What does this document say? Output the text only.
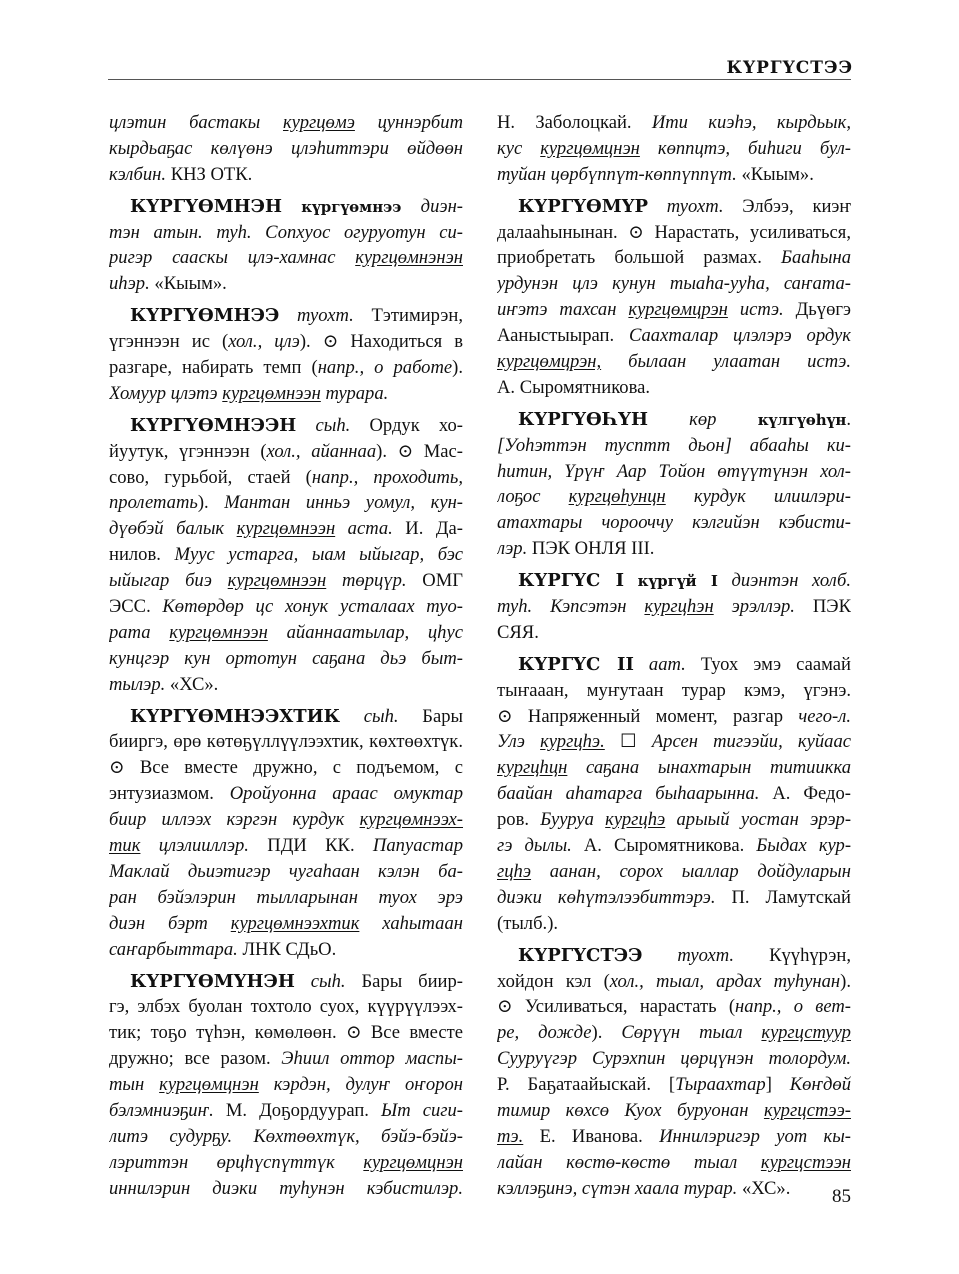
КҮРГҮСТЭЭ
цлэтин бастакы кургцөмэ цуннэрбит
кырдьаҕас көлүөнэ цлэһиттэри өйдөөн
кэлбин. КНЗ ОТК.
КҮРГҮӨМНЭН күргүөмнээ диэн-
тэн атын. туһ. Сопхуос огуруотун си-
ригэр сааскы цлэ-хамнас кургцөмнэнэн
иһэр. «Кыым».
КҮРГҮӨМНЭЭ туохт. Тэтимирэн,
үгэннээн ис (хол., цлэ). ⊙ Находиться в
разгаре, набирать темп (напр., о работе).
Хомуур цлэтэ кургцөмнээн турара.
КҮРГҮӨМНЭЭН сыһ. Ордук хо-
йуутук, үгэннээн (хол., айаннаа). ⊙ Мас-
сово, гурьбой, стаей (напр., проходить,
пролетать). Мантан инньэ уомул, кун-
дүөбэй балык кургцөмнээн аста. И. Да-
нилов. Муус устарга, ыам ыйыгар, бэс
ыйыгар биэ кургцөмнээн төрцүр. ОМГ
ЭСС. Көтөрдөр цс хонук усталаах туо-
рата кургцөмнээн айаннаатылар, цһус
кунцгэр кун ортотун саҕана дьэ быт-
тылэр. «ХС».
КҮРГҮӨМНЭЭХТИК сыһ. Бары
бииргэ, өрө көтөҕүллүүлээхтик, көхтөөхтүк.
⊙ Все вместе дружно, с подъемом, с
энтузиазмом. Оройуонна араас омуктар
биир иллээх кэргэн курдук кургцөмнээх-
тик цлэлииллэр. ПДИ КК. Папуастар
Маклай дьиэтигэр чугаһаан кэлэн ба-
ран бэйэлэрин тылларынан туох эрэ
диэн бэрт кургцөмнээхтик хаһытаан
саҥарбыттара. ЛНК СДьО.
КҮРГҮӨМҮНЭН сыһ. Бары биир-
гэ, элбэх буолан тохтоло суох, күүрүүлээх-
тик; тоҕо түһэн, көмөлөөн. ⊙ Все вместе
дружно; все разом. Эһиил оттор маспы-
тын кургцөмцнэн кэрдэн, дулуҥ оҥорон
бэлэмниэҕиҥ. М. Доҕордуурап. Ыт сиги-
литэ судурҕу. Көхтөөхтүк, бэйэ-бэйэ-
лэриттэн өрцһүспүттүк кургцөмцнэн
иннилэрин диэки туһунэн кэбистилэр.
Н. Заболоцкай. Ити киэһэ, кырдьык,
кус кургцөмцнэн көппцтэ, биһиги бул-
туйан цөрбүппүт-көппүппүт. «Кыым».
КҮРГҮӨМҮР туохт. Элбээ, киэҥ
далааһынынан. ⊙ Нарастать, усиливаться,
приобретать большой размах. Бааһына
урдунэн цлэ кунун тыаһа-ууһа, саҥата-
иҥэтэ тахсан кургцөмцрэн истэ. Дьүөгэ
Ааныстыырап. Саахталар цлэлэрэ ордук
кургцөмцрэн, былаан улаатан истэ.
А. Сыромятникова.
КҮРГҮӨҺҮН көр	күлгүөһүн.
[Уоһэттэн тусптт дьон] абааһы ки-
һитин, Үрүҥ Аар Тойон өтүүтүнэн хол-
лоҕос кургцөһунцн курдук илиилэри-
атахтары чорооччу кэлгийэн кэбисти-
лэр. ПЭК ОНЛЯ III.
КҮРГҮС I күргүй I диэнтэн холб.
туһ. Кэпсэтэн кургцһэн эрэллэр. ПЭК
СЯЯ.
КҮРГҮС II аат. Туох эмэ саамай
тыҥааан, муҥутаан турар кэмэ, үгэнэ.
⊙ Напряженный момент, разгар чего-л.
Улэ кургцһэ. ☐ Арсен тигээйи, куйаас
кургцһцн саҕана ынахтарын титиикка
баайан аһатарга быһаарынна. А. Федо-
ров. Бууруа кургцһэ арыый уостан эрэр-
гэ дылы. А. Сыромятникова. Быдах кур-
гцһэ аанан, сорох ыаллар дойдуларын
диэки көһүтэлээбиттэрэ. П. Ламутскай
(тылб.).
КҮРГҮСТЭЭ туохт. Күүһүрэн,
хойдон кэл (хол., тыал, ардах туһунан).
⊙ Усиливаться, нарастать (напр., о вет-
ре, дожде). Сөрүүн тыал кургцстуур
Сууруүгэр Сурэхпин цөрцүнэн толордум.
Р. Баҕатаайыскай. [Тыраахтар] Көҥдөй
тимир көхсө Куох буруонан кургцстээ-
тэ. Е. Иванова. Иннилэригэр уот кы-
лайан көстө-көстө тыал кургцстээн
кэллэҕинэ, сүтэн хаала турар. «ХС».	85
